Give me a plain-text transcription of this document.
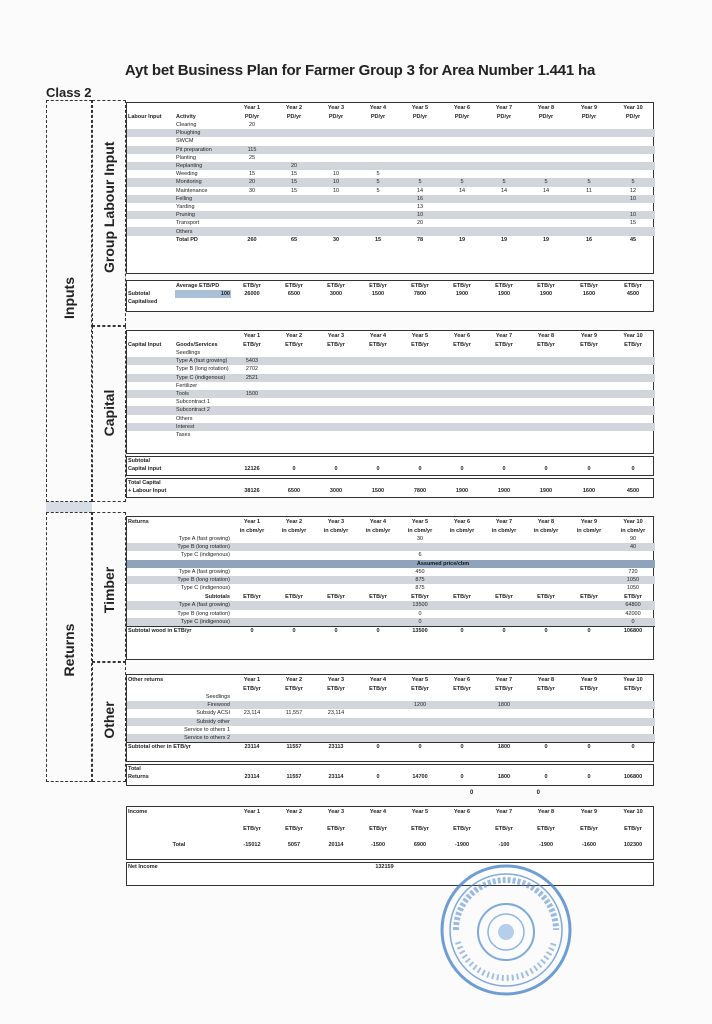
Ayt bet Business Plan for Farmer Group 3 for Area Number 1.441 ha
Class 2
Inputs
Group Labour Input
Capital
Returns
Timber
Other
		Year 1	Year 2	Year 3	Year 4	Year 5	Year 6	Year 7	Year 8	Year 9	Year 10
Labour Input	Activity	PD/yr	PD/yr	PD/yr	PD/yr	PD/yr	PD/yr	PD/yr	PD/yr	PD/yr	PD/yr
	Clearing	20									
	Ploughing										
	SWCM										
	Pit preparation	115									
	Planting	25									
	Replanting		20								
	Weeding	15	15	10	5						
	Monitoring	20	15	10	5	5	5	5	5	5	5
	Maintenance	30	15	10	5	14	14	14	14	11	12
	Felling					16					10
	Yarding					13					
	Pruning					10					10
	Transport					20					15
	Others										
	Total PD	260	65	30	15	78	19	19	19	16	45
	Average ETB/PD	ETB/yr	ETB/yr	ETB/yr	ETB/yr	ETB/yr	ETB/yr	ETB/yr	ETB/yr	ETB/yr	ETB/yr
Subtotal	100	26000	6500	3000	1500	7800	1900	1900	1900	1600	4500
Capitalised											
		Year 1	Year 2	Year 3	Year 4	Year 5	Year 6	Year 7	Year 8	Year 9	Year 10
Capital Input	Goods/Services	ETB/yr	ETB/yr	ETB/yr	ETB/yr	ETB/yr	ETB/yr	ETB/yr	ETB/yr	ETB/yr	ETB/yr
	Seedlings										
	Type A (fast growing)	5403									
	Type B (long rotation)	2702									
	Type C (indigenous)	2521									
	Fertilizer										
	Tools	1500									
	Subcontract 1										
	Subcontract 2										
	Others										
	Interest										
	Taxes										
Subtotal										
Capital input	12126	0	0	0	0	0	0	0	0	0
Total Capital										
+ Labour Input	38126	6500	3000	1500	7800	1900	1900	1900	1600	4500
Returns	Year 1	Year 2	Year 3	Year 4	Year 5	Year 6	Year 7	Year 8	Year 9	Year 10
	in cbm/yr	in cbm/yr	in cbm/yr	in cbm/yr	in cbm/yr	in cbm/yr	in cbm/yr	in cbm/yr	in cbm/yr	in cbm/yr
Type A (fast growing)					30					90
Type B (long rotation)										40
Type C (indigenous)					6					
	Assumed price/cbm									
Type A (fast growing)					450					720
Type B (long rotation)					875					1050
Type C (indigenous)					875					1050
Subtotals	ETB/yr	ETB/yr	ETB/yr	ETB/yr	ETB/yr	ETB/yr	ETB/yr	ETB/yr	ETB/yr	ETB/yr
Type A (fast growing)					13500					64800
Type B (long rotation)					0					42000
Type C (indigenous)					0					0
Subtotal wood in ETB/yr	0	0	0	0	13500	0	0	0	0	106800
Other returns	Year 1	Year 2	Year 3	Year 4	Year 5	Year 6	Year 7	Year 8	Year 9	Year 10
	ETB/yr	ETB/yr	ETB/yr	ETB/yr	ETB/yr	ETB/yr	ETB/yr	ETB/yr	ETB/yr	ETB/yr
Seedlings										
Firewood					1200		1800			
Subsidy ACSI	23,114	11,557	23,114							
Subsidy other										
Service to others 1										
Service to others 2										
Subtotal other in ETB/yr	23114	11557	23113	0	0	0	1800	0	0	0
Total										
Returns	23114	11557	23114	0	14700	0	1800	0	0	106800
0	0
Income	Year 1	Year 2	Year 3	Year 4	Year 5	Year 6	Year 7	Year 8	Year 9	Year 10

	ETB/yr	ETB/yr	ETB/yr	ETB/yr	ETB/yr	ETB/yr	ETB/yr	ETB/yr	ETB/yr	ETB/yr

Total	-15012	5057	20114	-1500	6900	-1900	-100	-1900	-1600	102300
Net Income	132159
